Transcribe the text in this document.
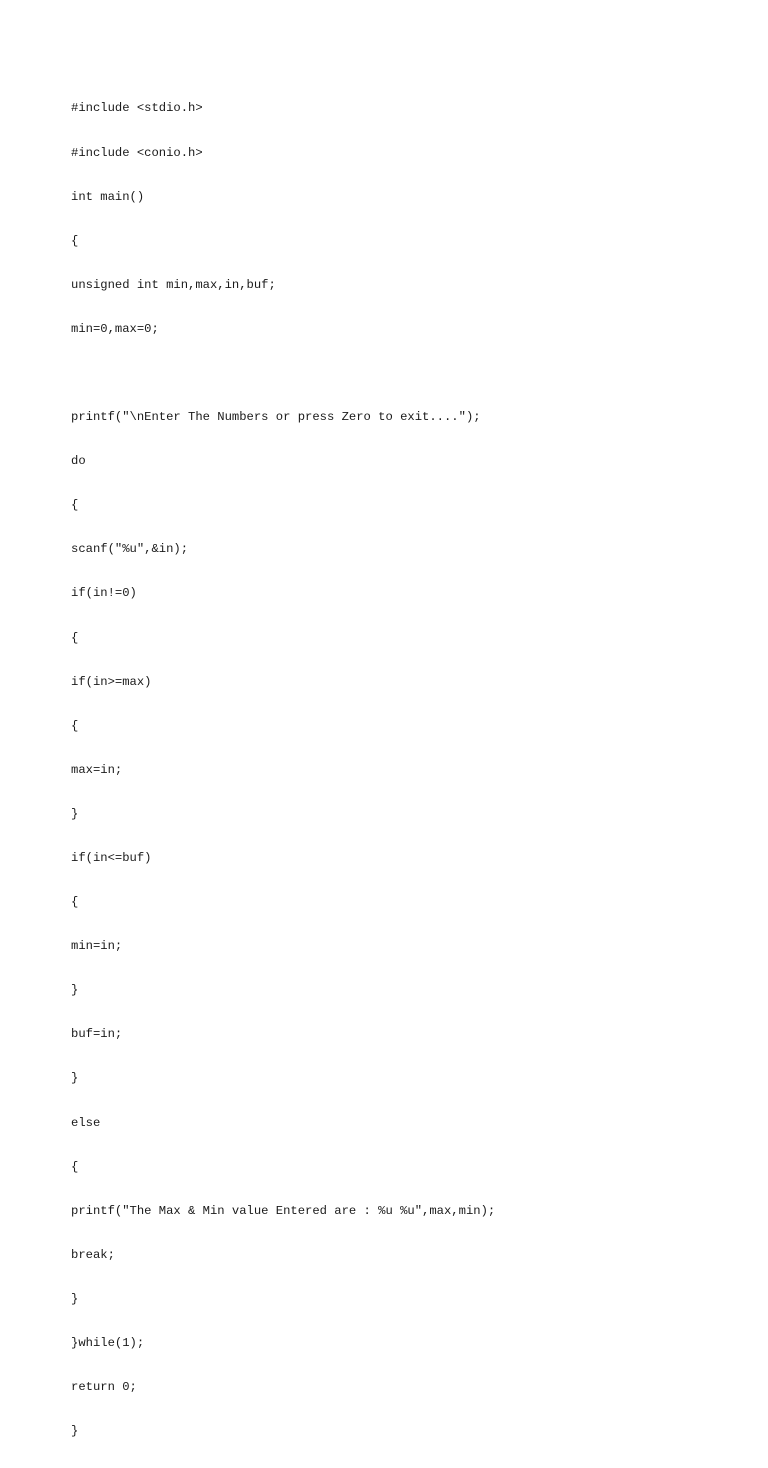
#include <stdio.h>

#include <conio.h>

int main()

{

unsigned int min,max,in,buf;

min=0,max=0;

printf("\nEnter The Numbers or press Zero to exit....");

do

{

scanf("%u",&in);

if(in!=0)

{

if(in>=max)

{

max=in;

}

if(in<=buf)

{

min=in;

}

buf=in;

}

else

{

printf("The Max & Min value Entered are : %u %u",max,min);

break;

}

}while(1);

return 0;

}
